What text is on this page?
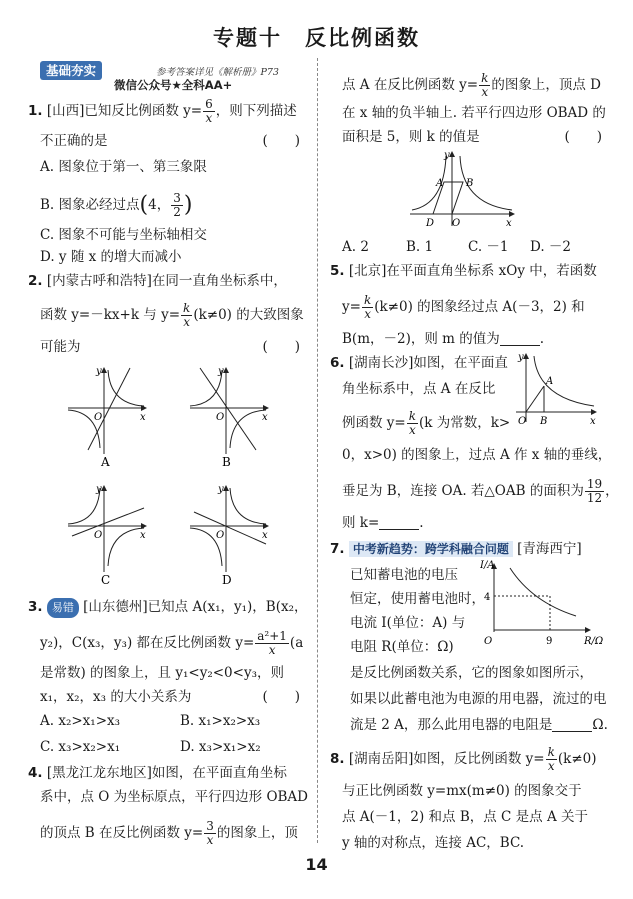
专题十　反比例函数
基础夯实	参考答案详见《解析册》P73
微信公众号★全科AA+
1. [山西]已知反比例函数 $y= \frac{6}{x}$ ，则下列描述
不正确的是	(　　)
A. 图象位于第一、第三象限
B. 图象必经过点(4， $\frac{3}{2}$ )
C. 图象不可能与坐标轴相交
D. y 随 x 的增大而减小
2. [内蒙古呼和浩特]在同一直角坐标系中，
函数 y=－kx+k 与 $y= \frac{k}{x} (k\ne 0)$ 的大致图象
可能为	(　　)
y
x
O
A
y
x
O
B
y
x
O
C
y
x
O
D
3. 易错 [山东德州]已知点 A(x₁，y₁)，B(x₂，
y₂)，C(x₃，y₃) 都在反比例函数 $y= \frac{\text{a²+1}}{x} (a$
是常数) 的图象上，且 y₁<y₂<0<y₃，则
x₁，x₂，x₃ 的大小关系为	(　　)
A. x₂>x₁>x₃	B. x₁>x₂>x₃
C. x₃>x₂>x₁	D. x₃>x₁>x₂
4. [黑龙江龙东地区]如图，在平面直角坐标
系中，点 O 为坐标原点，平行四边形 OBAD
的顶点 B 在反比例函数 $y= \frac{3}{x}$ 的图象上，顶
点 A 在反比例函数 $y= \frac{k}{x}$ 的图象上，顶点 D
在 x 轴的负半轴上. 若平行四边形 OBAD 的
面积是 5，则 k 的值是	(　　)
y
x
O
A B
D
A. 2	B. 1	C. －1 D. －2
5. [北京]在平面直角坐标系 xOy 中，若函数
$y= \frac{k}{x} (k\ne 0)$ 的图象经过点 A(－3，2) 和
B(m，－2)，则 m 的值为	.
6. [湖南长沙]如图，在平面直
角坐标系中，点 A 在反比
例函数 $y= \frac{k}{x} (k$ 为常数，k>
y
x
O
A
B
0，x>0) 的图象上，过点 A 作 x 轴的垂线，
垂足为 B，连接 OA. 若△OAB 的面积为 $\frac{19}{12}$ ，
则 k=	.
7. 中考新趋势：跨学科融合问题 [青海西宁]
已知蓄电池的电压
恒定，使用蓄电池时，
电流 I(单位：A) 与
电阻 R(单位：Ω)
I/A
R/Ω
4
9
O
是反比例函数关系，它的图象如图所示，
如果以此蓄电池为电源的用电器，流过的电
流是 2 A，那么此用电器的电阻是	Ω.
8. [湖南岳阳]如图，反比例函数 $y= \frac{k}{x} (k\ne 0)$
与正比例函数 y=mx(m≠0) 的图象交于
点 A(－1，2) 和点 B，点 C 是点 A 关于
y 轴的对称点，连接 AC，BC.
14
